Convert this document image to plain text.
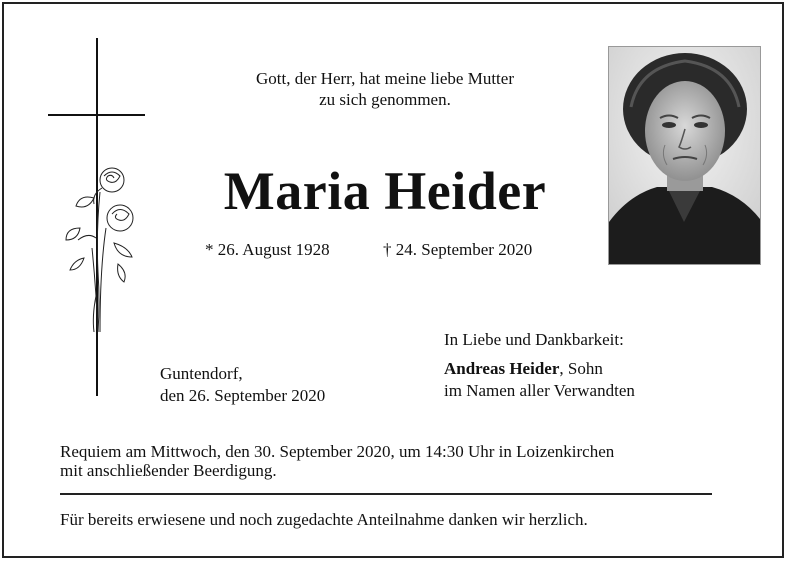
Gott, der Herr, hat meine liebe Mutter
zu sich genommen.
Maria Heider
* 26. August 1928	† 24. September 2020
In Liebe und Dankbarkeit:
Andreas Heider, Sohn
im Namen aller Verwandten
Guntendorf,
den 26. September 2020
Requiem am Mittwoch, den 30. September 2020, um 14:30 Uhr in Loizenkirchen
mit anschließender Beerdigung.
Für bereits erwiesene und noch zugedachte Anteilnahme danken wir herzlich.
